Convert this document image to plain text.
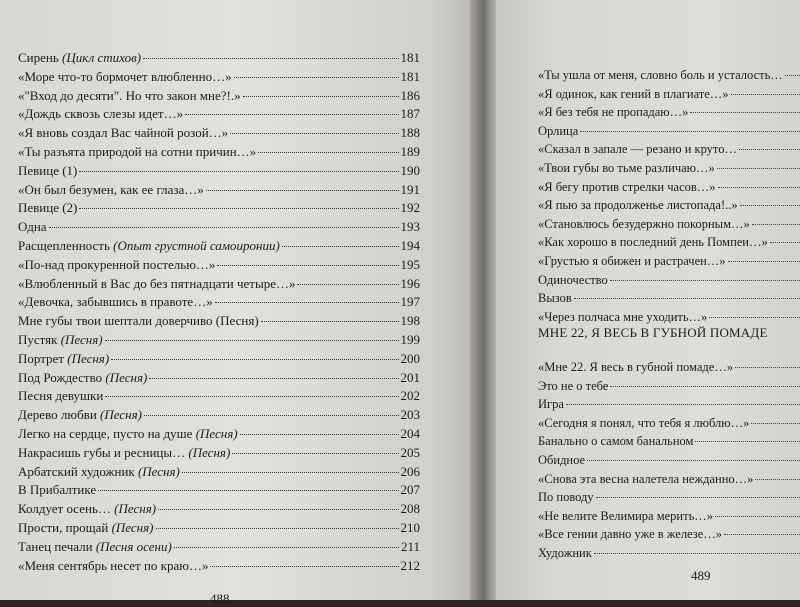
Сирень (Цикл стихов)	181
«Море что-то бормочет влюбленно…»	181
«"Вход до десяти". Но что закон мне?!.»	186
«Дождь сквозь слезы идет…»	187
«Я вновь создал Вас чайной розой…»	188
«Ты разъята природой на сотни причин…»	189
Певице (1)	190
«Он был безумен, как ее глаза…»	191
Певице (2)	192
Одна	193
Расщепленность (Опыт грустной самоиронии)	194
«По-над прокуренной постелью…»	195
«Влюбленный в Вас до без пятнадцати четыре…»	196
«Девочка, забывшись в правоте…»	197
Мне губы твои шептали доверчиво (Песня)	198
Пустяк (Песня)	199
Портрет (Песня)	200
Под Рождество (Песня)	201
Песня девушки	202
Дерево любви (Песня)	203
Легко на сердце, пусто на душе (Песня)	204
Накрасишь губы и ресницы… (Песня)	205
Арбатский художник (Песня)	206
В Прибалтике	207
Колдует осень… (Песня)	208
Прости, прощай (Песня)	210
Танец печали (Песня осени)	211
«Меня сентябрь несет по краю…»	212
488
«Ты ушла от меня, словно боль и усталость…
«Я одинок, как гений в плагиате…»
«Я без тебя не пропадаю…»
Орлица
«Сказал в запале — резано и круто…
«Твои губы во тьме различаю…»
«Я бегу против стрелки часов…»
«Я пью за продолженье листопада!..»
«Становлюсь безудержно покорным…»
«Как хорошо в последний день Помпеи…»
«Грустью я обижен и растрачен…»
Одиночество
Вызов
«Через полчаса мне уходить…»
МНЕ 22, Я ВЕСЬ В ГУБНОЙ ПОМАДЕ
«Мне 22. Я весь в губной помаде…»
Это не о тебе
Игра
«Сегодня я понял, что тебя я люблю…»
Банально о самом банальном
Обидное
«Снова эта весна налетела нежданно…»
По поводу
«Не велите Велимира мерить…»
«Все гении давно уже в железе…»
Художник
489
